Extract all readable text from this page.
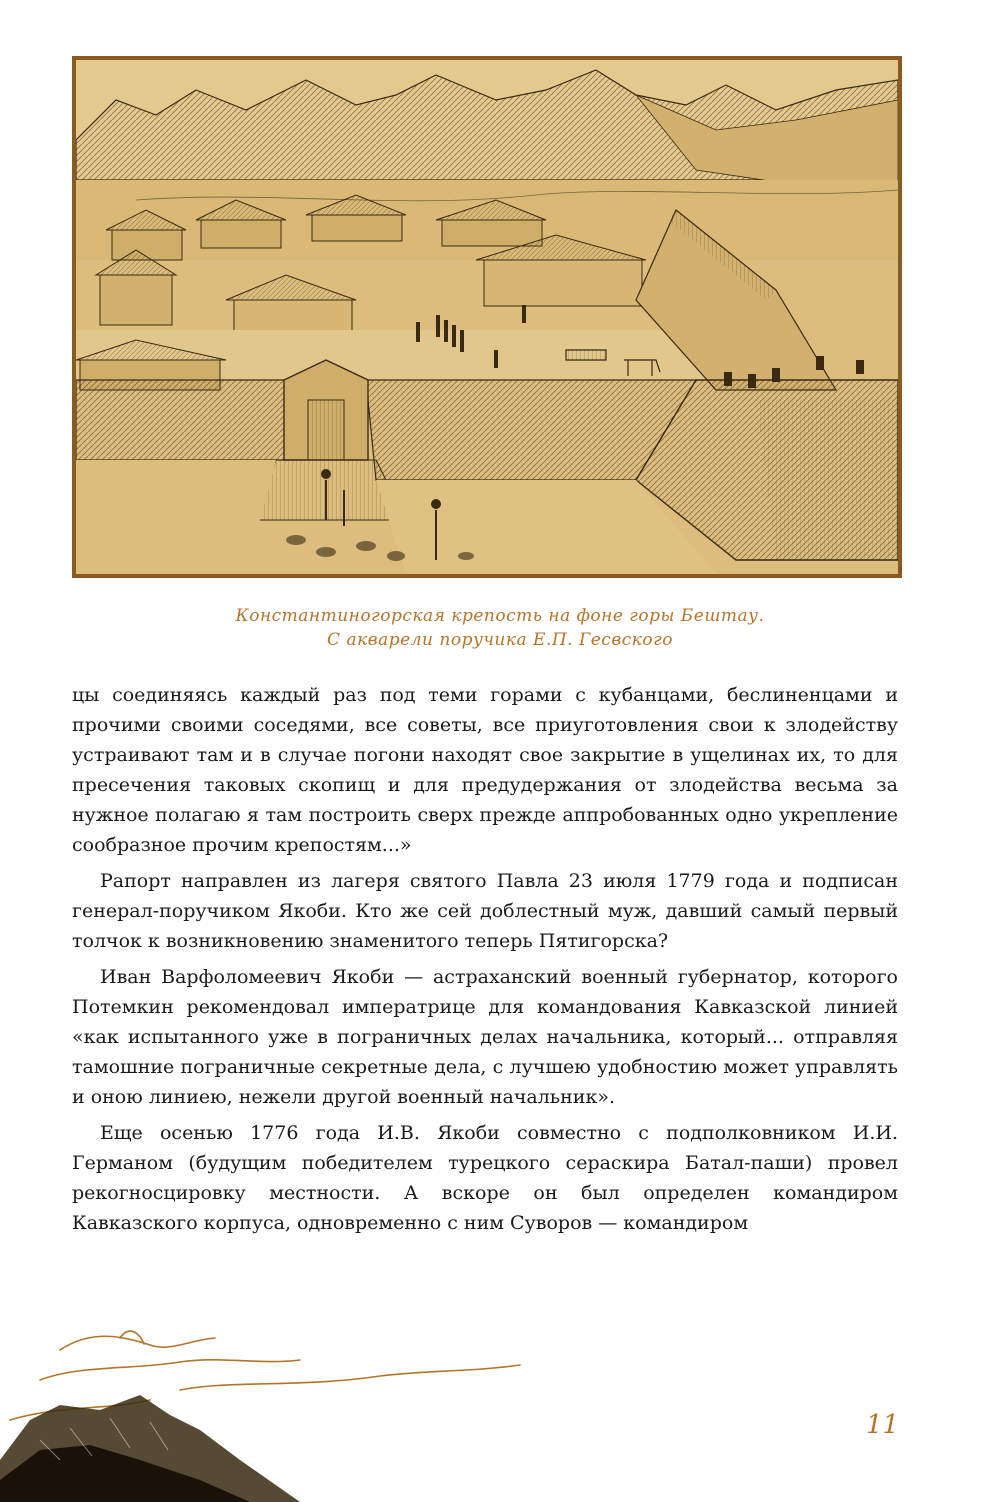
Константиногорская крепость на фоне горы Бештау.
С акварели поручика Е.П. Гесвского

цы соединяясь каждый раз под теми горами с кубанцами, беслиненцами и прочими своими соседями, все советы, все приуготовления свои к злодейству устраивают там и в случае погони находят свое закрытие в ущелинах их, то для пресечения таковых скопищ и для предудержания от злодейства весьма за нужное полагаю я там построить сверх прежде аппробованных одно укрепление сообразное прочим крепостям...»

Рапорт направлен из лагеря святого Павла 23 июля 1779 года и подписан генерал-поручиком Якоби. Кто же сей доблестный муж, давший самый первый толчок к возникновению знаменитого теперь Пятигорска?

Иван Варфоломеевич Якоби — астраханский военный губернатор, которого Потемкин рекомендовал императрице для командования Кавказской линией «как испытанного уже в пограничных делах начальника, который... отправляя тамошние пограничные секретные дела, с лучшею удобностию может управлять и оною линиею, нежели другой военный начальник».

Еще осенью 1776 года И.В. Якоби совместно с подполковником И.И. Германом (будущим победителем турецкого сераскира Батал-паши) провел рекогносцировку местности. А вскоре он был определен командиром Кавказского корпуса, одновременно с ним Суворов — командиром

11
